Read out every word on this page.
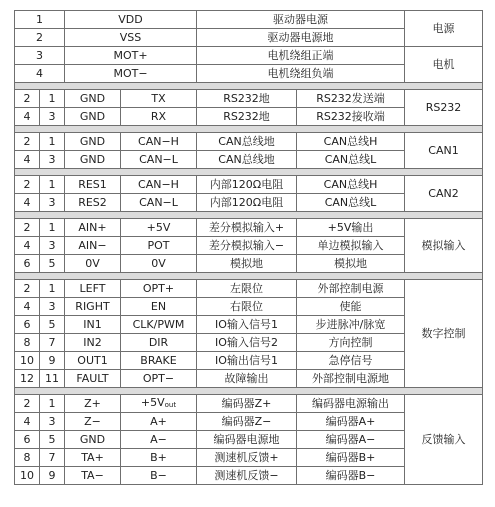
1		VDD		驱动器电源		电源
2		VSS		驱动器电源地		
3		MOT+		电机绕组正端		电机
4		MOT−		电机绕组负端		

2	1	GND	TX	RS232地	RS232发送端	RS232
4	3	GND	RX	RS232地	RS232接收端	

2	1	GND	CAN−H	CAN总线地	CAN总线H	CAN1
4	3	GND	CAN−L	CAN总线地	CAN总线L	

2	1	RES1	CAN−H	内部120Ω电阻	CAN总线H	CAN2
4	3	RES2	CAN−L	内部120Ω电阻	CAN总线L	

2	1	AIN+	+5V	差分模拟输入+	+5V输出	模拟输入
4	3	AIN−	POT	差分模拟输入−	单边模拟输入	
6	5	0V	0V	模拟地	模拟地	

2	1	LEFT	OPT+	左限位	外部控制电源	数字控制
4	3	RIGHT	EN	右限位	使能	
6	5	IN1	CLK/PWM	IO输入信号1	步进脉冲/脉宽	
8	7	IN2	DIR	IO输入信号2	方向控制	
10	9	OUT1	BRAKE	IO输出信号1	急停信号	
12	11	FAULT	OPT−	故障输出	外部控制电源地	

2	1	Z+	$+5V_{out}$	编码器Z+	编码器电源输出	反馈输入
4	3	Z−	A+	编码器Z−	编码器A+	
6	5	GND	A−	编码器电源地	编码器A−	
8	7	TA+	B+	测速机反馈+	编码器B+	
10	9	TA−	B−	测速机反馈−	编码器B−	
